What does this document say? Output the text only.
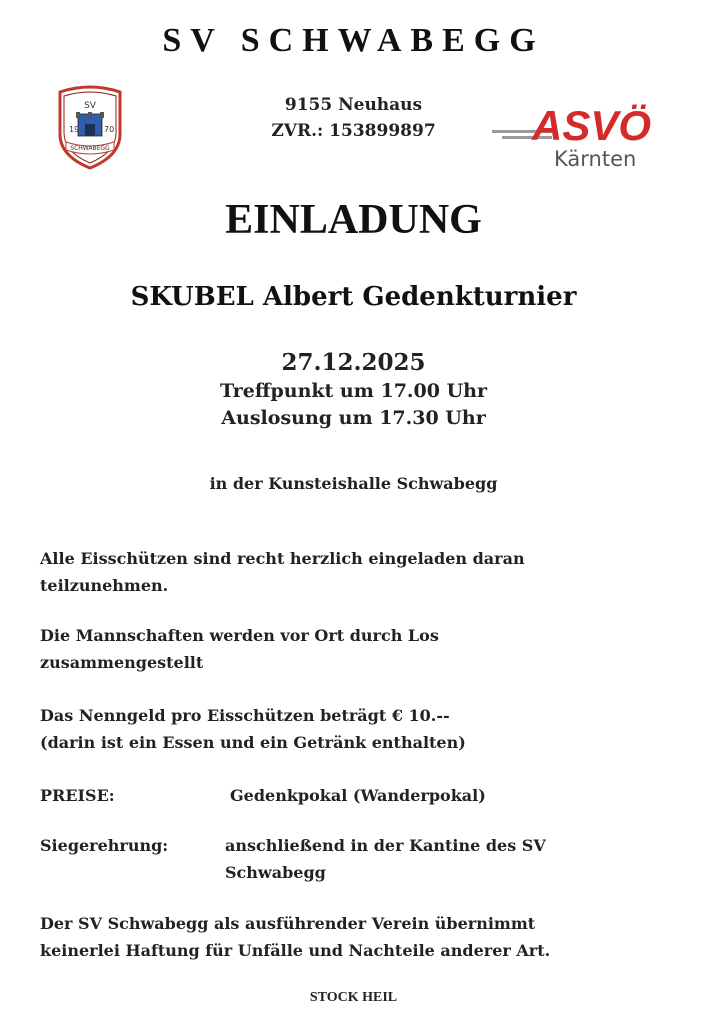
SV SCHWABEGG
SV
19	70
SCHWABEGG
9155 Neuhaus
ZVR.: 153899897	ASVÖ
Kärnten
EINLADUNG
SKUBEL Albert Gedenkturnier
27.12.2025
Treffpunkt um 17.00 Uhr
Auslosung um 17.30 Uhr
in der Kunsteishalle Schwabegg
Alle Eisschützen sind recht herzlich eingeladen daran
teilzunehmen.
Die Mannschaften werden vor Ort durch Los
zusammengestellt
Das Nenngeld pro Eisschützen beträgt € 10.--
(darin ist ein Essen und ein Getränk enthalten)
PREISE:	Gedenkpokal (Wanderpokal)
Siegerehrung:	anschließend in der Kantine des SV
Schwabegg
Der SV Schwabegg als ausführender Verein übernimmt
keinerlei Haftung für Unfälle und Nachteile anderer Art.
STOCK HEIL
